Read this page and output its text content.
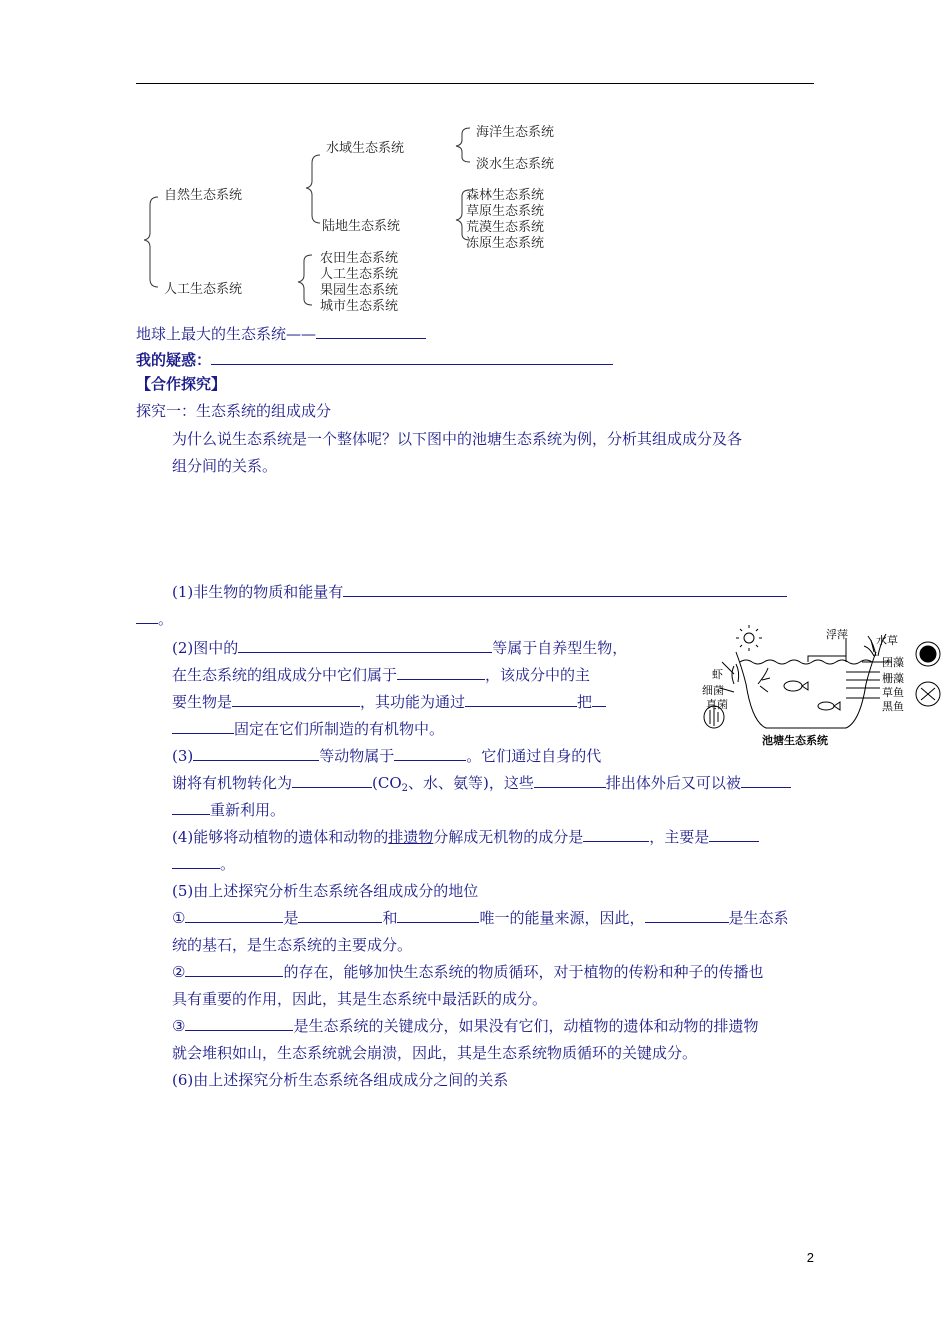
自然生态系统
人工生态系统
水域生态系统
陆地生态系统
海洋生态系统
淡水生态系统
森林生态系统
草原生态系统
荒漠生态系统
冻原生态系统
农田生态系统
人工生态系统
果园生态系统
城市生态系统
地球上最大的生态系统——
我的疑惑：
【合作探究】
探究一：生态系统的组成成分
为什么说生态系统是一个整体呢？以下图中的池塘生态系统为例，分析其组成成分及各
组分间的关系。
(1)非生物的物质和能量有
。
(2)图中的	等属于自养型生物，
在生态系统的组成成分中它们属于	，该成分中的主
要生物是	，其功能为通过	把
固定在它们所制造的有机物中。
(3)	等动物属于	。它们通过自身的代
谢将有机物转化为	($CO_2$、水、氨等)，这些	排出体外后又可以被
重新利用。
(4)能够将动植物的遗体和动物的排遗物分解成无机物的成分是	，主要是
。
(5)由上述探究分析生态系统各组成成分的地位
①	是	和	唯一的能量来源，因此，	是生态系
统的基石，是生态系统的主要成分。
②	的存在，能够加快生态系统的物质循环，对于植物的传粉和种子的传播也
具有重要的作用，因此，其是生态系统中最活跃的成分。
③	是生态系统的关键成分，如果没有它们，动植物的遗体和动物的排遗物
就会堆积如山，生态系统就会崩溃，因此，其是生态系统物质循环的关键成分。
(6)由上述探究分析生态系统各组成成分之间的关系
浮萍	水草
团藻
栅藻
草鱼
黑鱼
虾
细菌
真菌
池塘生态系统
2
